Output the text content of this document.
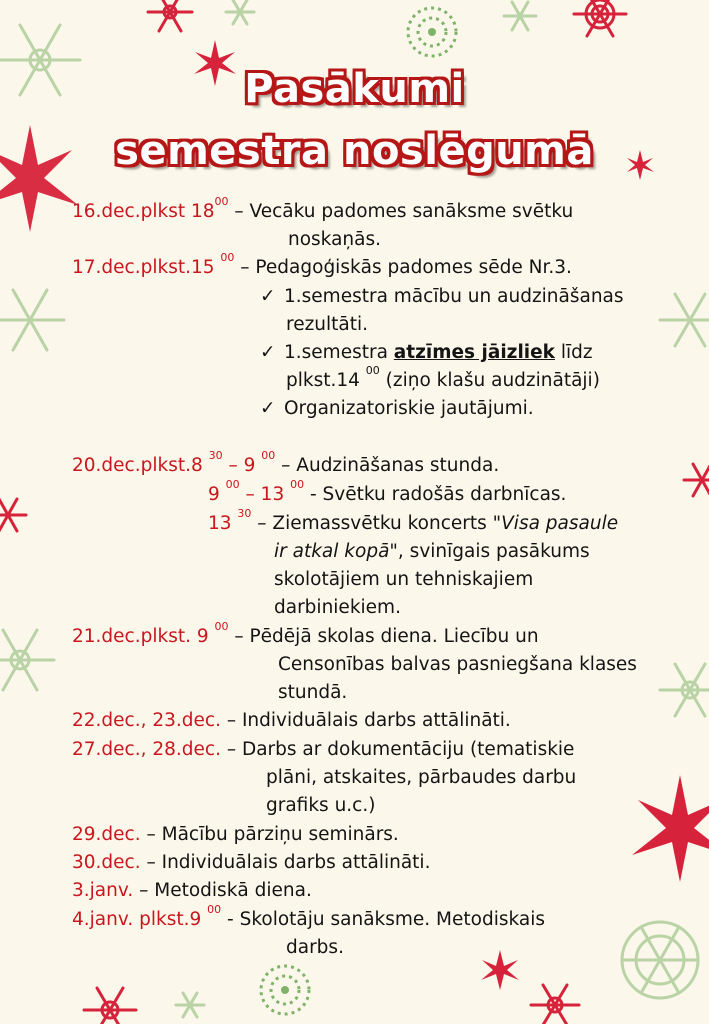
Pasākumi
semestra noslēgumā
16.dec.plkst $18^{00}$ – Vecāku padomes sanāksme svētku
noskaņās.
17.dec.plkst.15 $^{00}$ – Pedagoģiskās padomes sēde Nr.3.
✓ 1.semestra mācību un audzināšanas
rezultāti.
✓ 1.semestra atzīmes jāizliek līdz
plkst.14 $^{00}$ (ziņo klašu audzinātāji)
✓ Organizatoriskie jautājumi.
20.dec.plkst.8 $^{30}$ – 9 $^{00}$ – Audzināšanas stunda.
9 $^{00}$ – 13 $^{00}$ - Svētku radošās darbnīcas.
13 $^{30}$ – Ziemassvētku koncerts "Visa pasaule
ir atkal kopā", svinīgais pasākums
skolotājiem un tehniskajiem
darbiniekiem.
21.dec.plkst. 9 $^{00}$ – Pēdējā skolas diena. Liecību un
Censonības balvas pasniegšana klases
stundā.
22.dec., 23.dec. – Individuālais darbs attālināti.
27.dec., 28.dec. – Darbs ar dokumentāciju (tematiskie
plāni, atskaites, pārbaudes darbu
grafiks u.c.)
29.dec. – Mācību pārziņu seminārs.
30.dec. – Individuālais darbs attālināti.
3.janv. – Metodiskā diena.
4.janv. plkst.9 $^{00}$ - Skolotāju sanāksme. Metodiskais
darbs.
